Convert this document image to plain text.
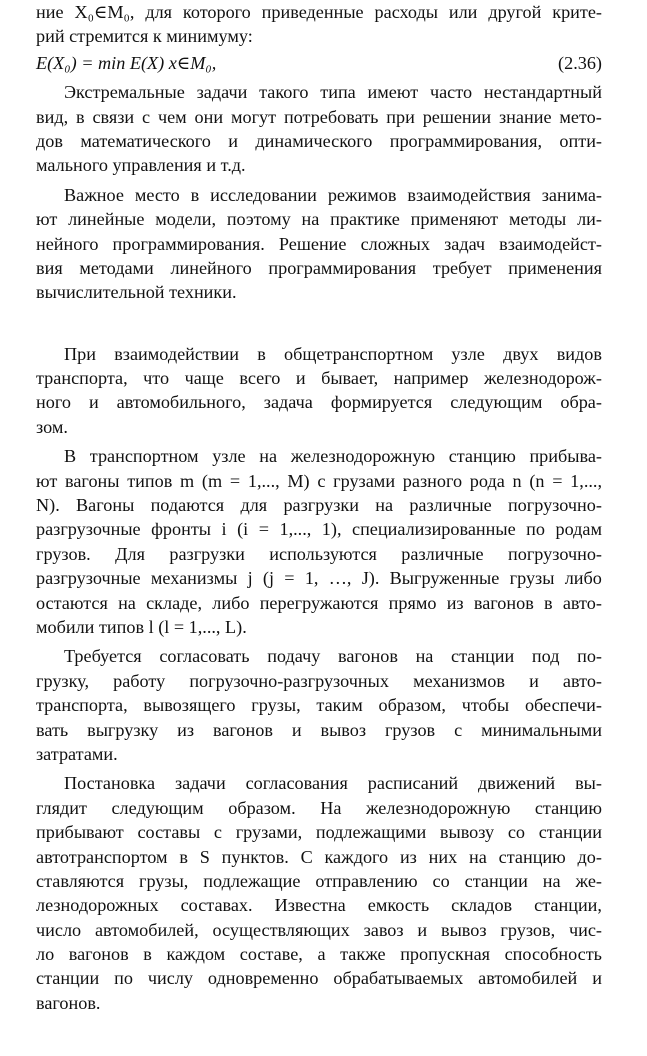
ние X₀∈M₀, для которого приведенные расходы или другой крите-
рий стремится к минимуму:
E(X₀) = min E(X) x∈M₀,	(2.36)
Экстремальные задачи такого типа имеют часто нестандартный
вид, в связи с чем они могут потребовать при решении знание мето-
дов математического и динамического программирования, опти-
мального управления и т.д.
Важное место в исследовании режимов взаимодействия занима-
ют линейные модели, поэтому на практике применяют методы ли-
нейного программирования. Решение сложных задач взаимодейст-
вия методами линейного программирования требует применения
вычислительной техники.
При взаимодействии в общетранспортном узле двух видов
транспорта, что чаще всего и бывает, например железнодорож-
ного и автомобильного, задача формируется следующим обра-
зом.
В транспортном узле на железнодорожную станцию прибыва-
ют вагоны типов m (m = 1,..., M) с грузами разного рода n (n = 1,...,
N). Вагоны подаются для разгрузки на различные погрузочно-
разгрузочные фронты i (i = 1,..., 1), специализированные по родам
грузов. Для разгрузки используются различные погрузочно-
разгрузочные механизмы j (j = 1, …, J). Выгруженные грузы либо
остаются на складе, либо перегружаются прямо из вагонов в авто-
мобили типов l (l = 1,..., L).
Требуется согласовать подачу вагонов на станции под по-
грузку, работу погрузочно-разгрузочных механизмов и авто-
транспорта, вывозящего грузы, таким образом, чтобы обеспечи-
вать выгрузку из вагонов и вывоз грузов с минимальными
затратами.
Постановка задачи согласования расписаний движений вы-
глядит следующим образом. На железнодорожную станцию
прибывают составы с грузами, подлежащими вывозу со станции
автотранспортом в S пунктов. С каждого из них на станцию до-
ставляются грузы, подлежащие отправлению со станции на же-
лезнодорожных составах. Известна емкость складов станции,
число автомобилей, осуществляющих завоз и вывоз грузов, чис-
ло вагонов в каждом составе, а также пропускная способность
станции по числу одновременно обрабатываемых автомобилей и
вагонов.
